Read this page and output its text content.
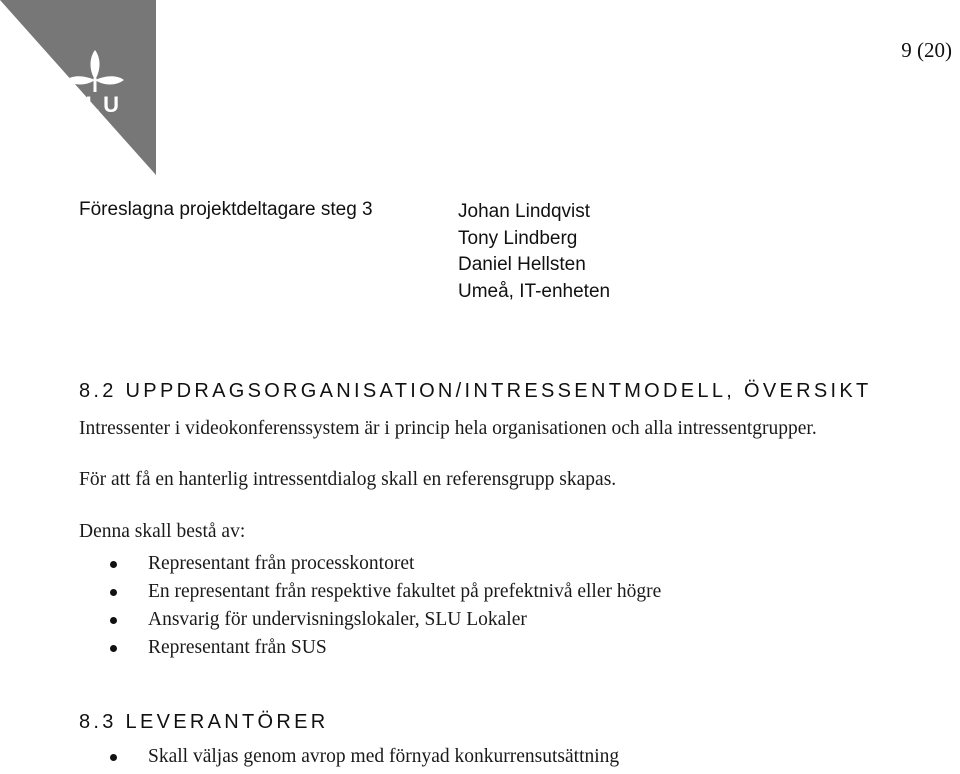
SLU
9 (20)
Föreslagna projektdeltagare steg 3	Johan Lindqvist
Tony Lindberg
Daniel Hellsten
Umeå, IT-enheten
8.2 UPPDRAGSORGANISATION/INTRESSENTMODELL, ÖVERSIKT

Intressenter i videokonferenssystem är i princip hela organisationen och alla intressentgrupper.

För att få en hanterlig intressentdialog skall en referensgrupp skapas.

Denna skall bestå av:

Representant från processkontoret
En representant från respektive fakultet på prefektnivå eller högre
Ansvarig för undervisningslokaler, SLU Lokaler
Representant från SUS
8.3 LEVERANTÖRER
Skall väljas genom avrop med förnyad konkurrensutsättning
